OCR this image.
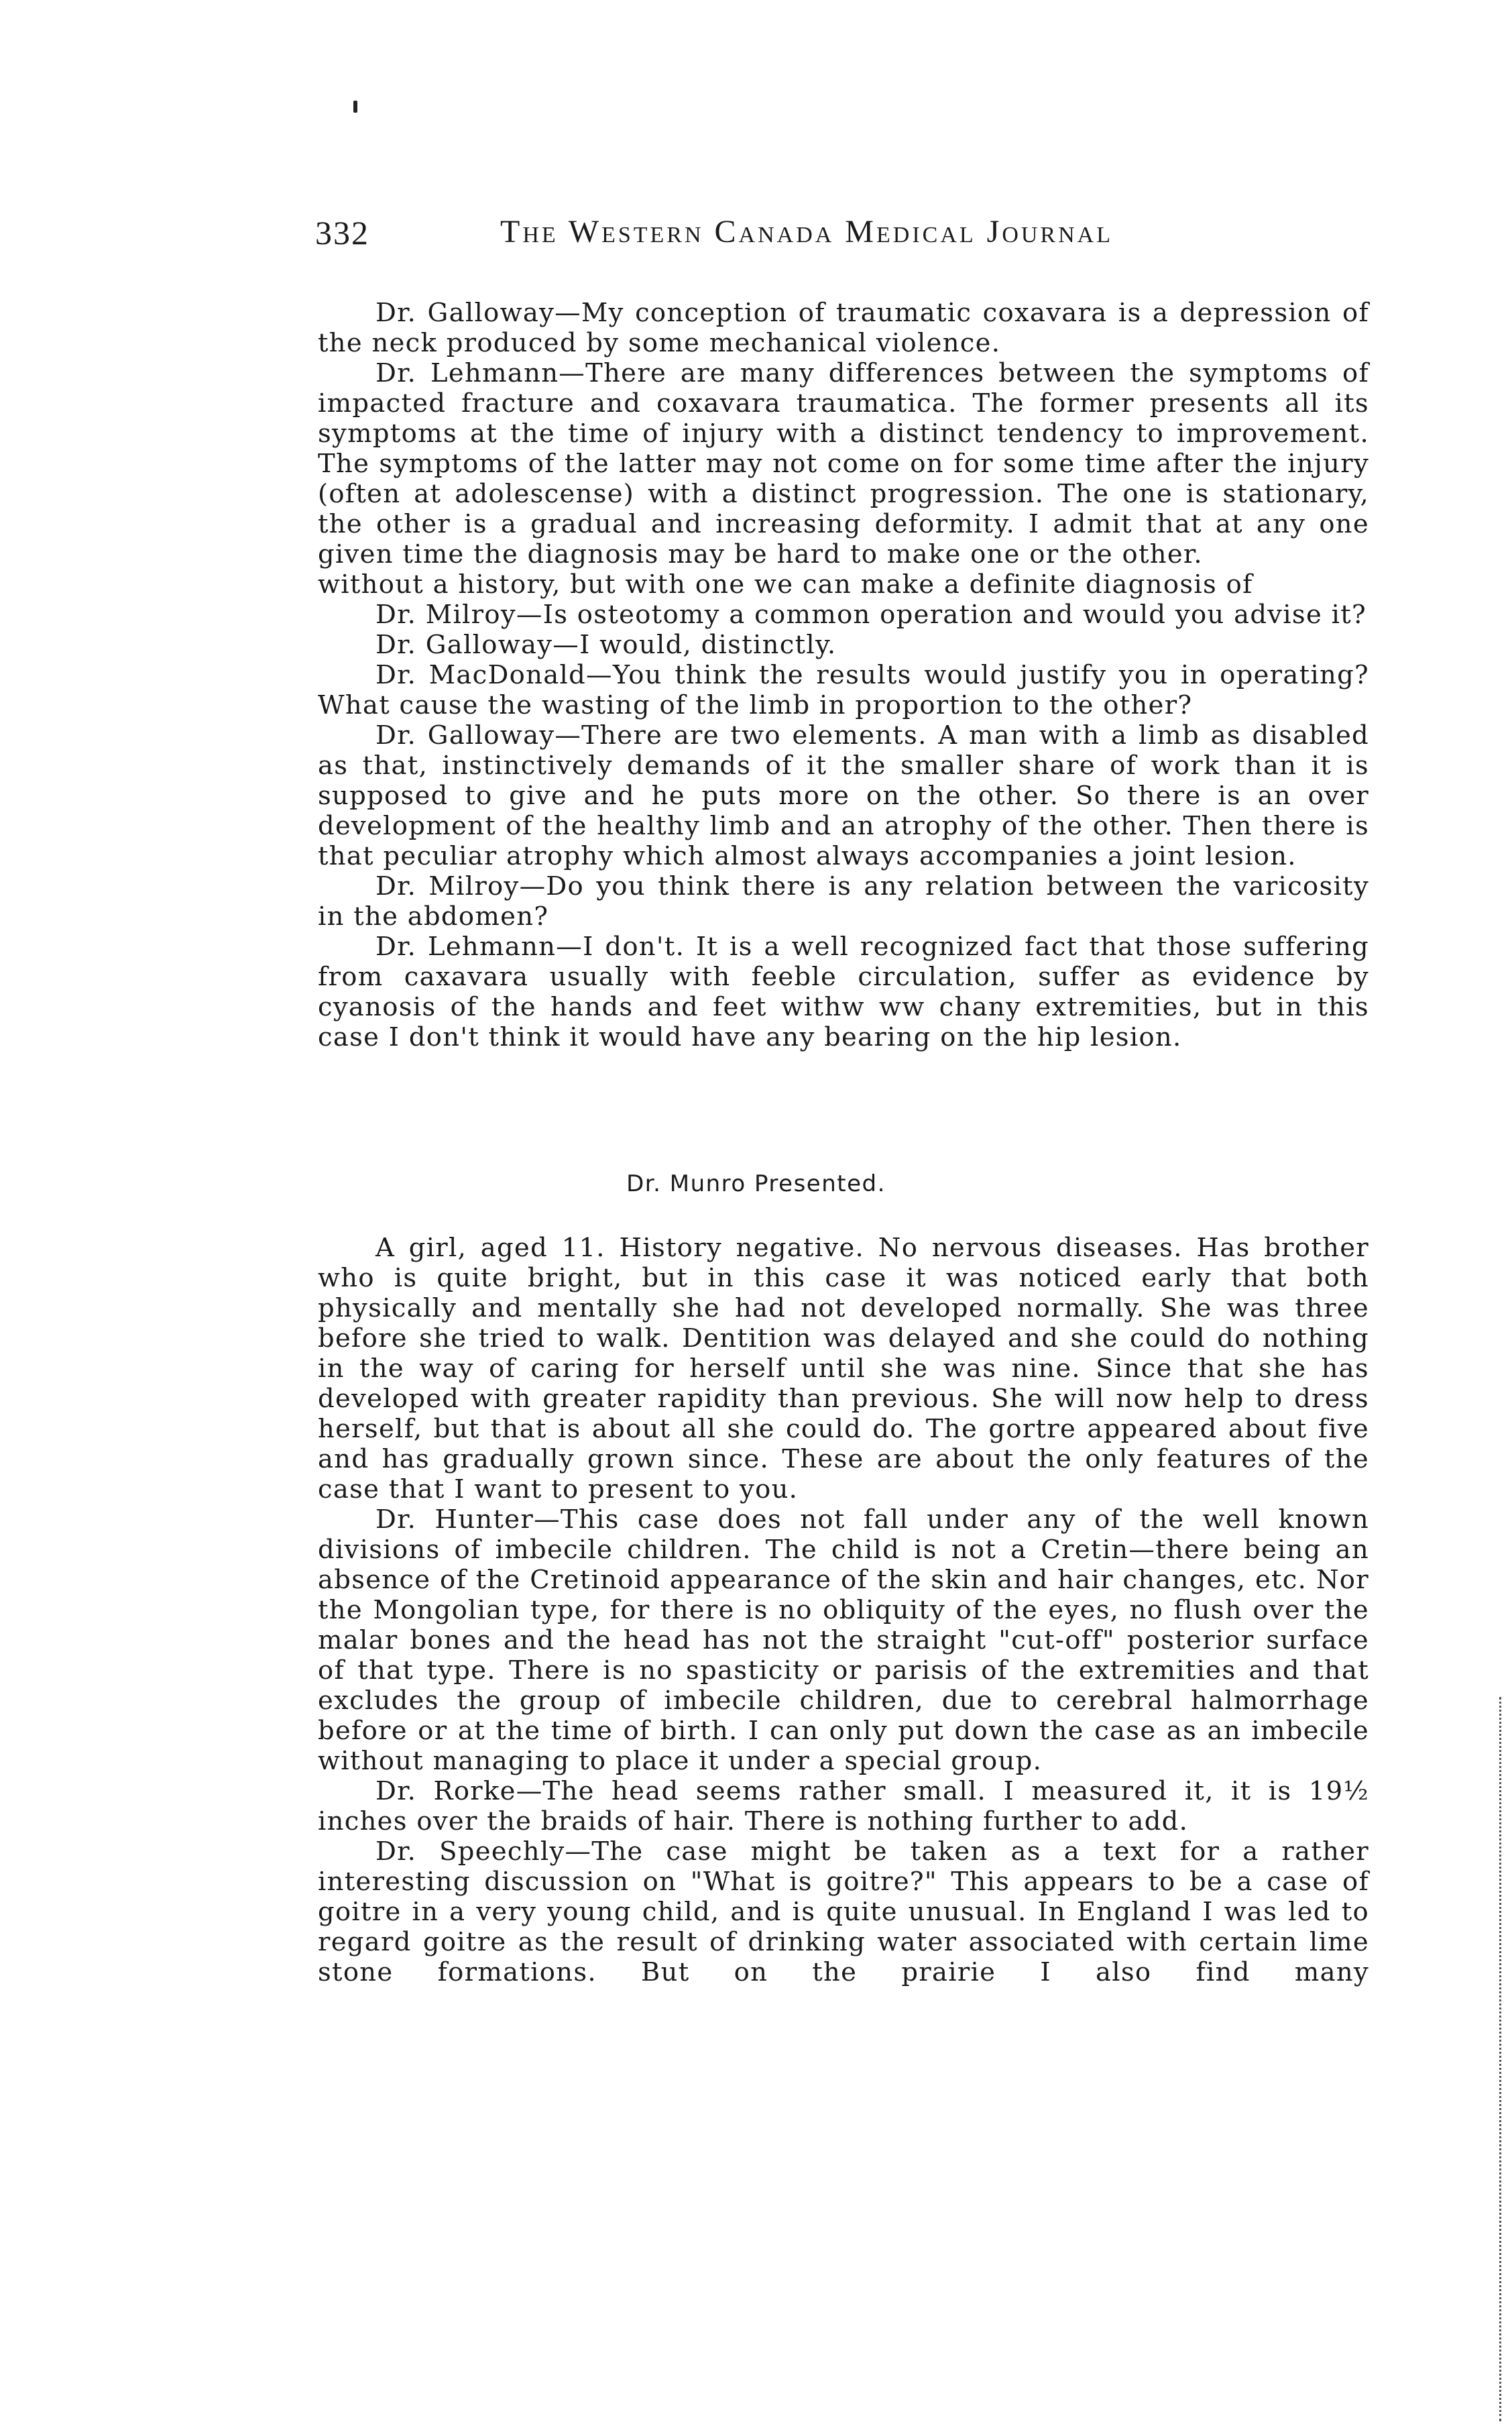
332	The Western Canada Medical Journal

Dr. Galloway—My conception of traumatic coxavara is a depression of the neck produced by some mechanical violence.

Dr. Lehmann—There are many differences between the symptoms of impacted fracture and coxavara traumatica. The former presents all its symptoms at the time of injury with a distinct tendency to improvement. The symptoms of the latter may not come on for some time after the injury (often at adolescense) with a distinct progression. The one is stationary, the other is a gradual and increasing deformity. I admit that at any one given time the diagnosis may be hard to make one or the other.

without a history, but with one we can make a definite diagnosis of

Dr. Milroy—Is osteotomy a common operation and would you advise it?

Dr. Galloway—I would, distinctly.

Dr. MacDonald—You think the results would justify you in operating? What cause the wasting of the limb in proportion to the other?

Dr. Galloway—There are two elements. A man with a limb as disabled as that, instinctively demands of it the smaller share of work than it is supposed to give and he puts more on the other. So there is an over development of the healthy limb and an atrophy of the other. Then there is that peculiar atrophy which almost always accompanies a joint lesion.

Dr. Milroy—Do you think there is any relation between the varicosity in the abdomen?

Dr. Lehmann—I don't. It is a well recognized fact that those suffering from caxavara usually with feeble circulation, suffer as evidence by cyanosis of the hands and feet withw ww chany extremities, but in this case I don't think it would have any bearing on the hip lesion.

Dr. Munro Presented.

A girl, aged 11. History negative. No nervous diseases. Has brother who is quite bright, but in this case it was noticed early that both physically and mentally she had not developed normally. She was three before she tried to walk. Dentition was delayed and she could do nothing in the way of caring for herself until she was nine. Since that she has developed with greater rapidity than previous. She will now help to dress herself, but that is about all she could do. The gortre appeared about five and has gradually grown since. These are about the only features of the case that I want to present to you.

Dr. Hunter—This case does not fall under any of the well known divisions of imbecile children. The child is not a Cretin—there being an absence of the Cretinoid appearance of the skin and hair changes, etc. Nor the Mongolian type, for there is no obliquity of the eyes, no flush over the malar bones and the head has not the straight "cut-off" posterior surface of that type. There is no spasticity or parisis of the extremities and that excludes the group of imbecile children, due to cerebral halmorrhage before or at the time of birth. I can only put down the case as an imbecile without managing to place it under a special group.

Dr. Rorke—The head seems rather small. I measured it, it is 19½ inches over the braids of hair. There is nothing further to add.

Dr. Speechly—The case might be taken as a text for a rather interesting discussion on "What is goitre?" This appears to be a case of goitre in a very young child, and is quite unusual. In England I was led to regard goitre as the result of drinking water associated with certain lime stone formations. But on the prairie I also find many
